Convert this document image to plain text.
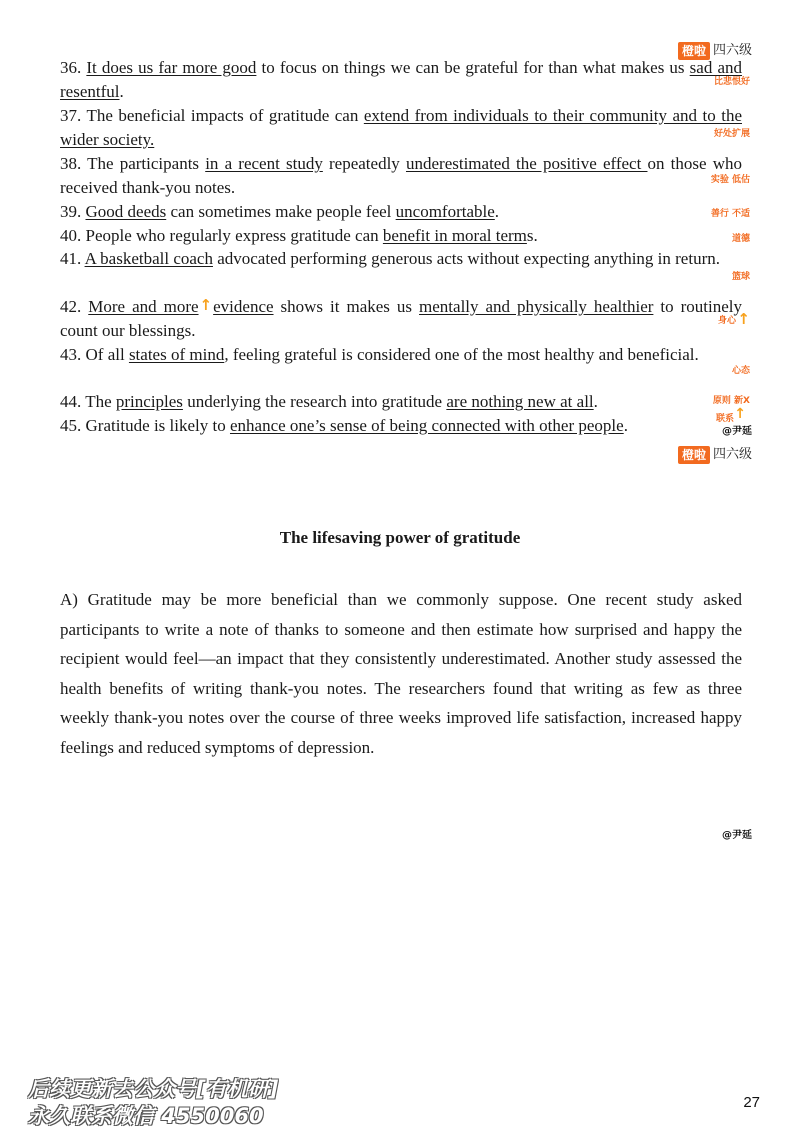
橙啦 四六级
36. It does us far more good to focus on things we can be grateful for than what makes us sad and resentful.
37. The beneficial impacts of gratitude can extend from individuals to their community and to the wider society.
38. The participants in a recent study repeatedly underestimated the positive effect on those who received thank-you notes.
39. Good deeds can sometimes make people feel uncomfortable.
40. People who regularly express gratitude can benefit in moral terms.
41. A basketball coach advocated performing generous acts without expecting anything in return.
42. More and more↑evidence shows it makes us mentally and physically healthier to routinely count our blessings.
43. Of all states of mind, feeling grateful is considered one of the most healthy and beneficial.
44. The principles underlying the research into gratitude are nothing new at all.
45. Gratitude is likely to enhance one’s sense of being connected with other people.
比悲恨好
好处扩展
实验 低估
善行 不适
道德
篮球
身心 ↑
心态
原则 新X
联系 ↑
@尹延
橙啦 四六级
The lifesaving power of gratitude
A) Gratitude may be more beneficial than we commonly suppose. One recent study asked participants to write a note of thanks to someone and then estimate how surprised and happy the recipient would feel—an impact that they consistently underestimated. Another study assessed the health benefits of writing thank-you notes. The researchers found that writing as few as three weekly thank-you notes over the course of three weeks improved life satisfaction, increased happy feelings and reduced symptoms of depression.
@尹延
后续更新去公众号[有机研]
永久联系微信 4550060
27
